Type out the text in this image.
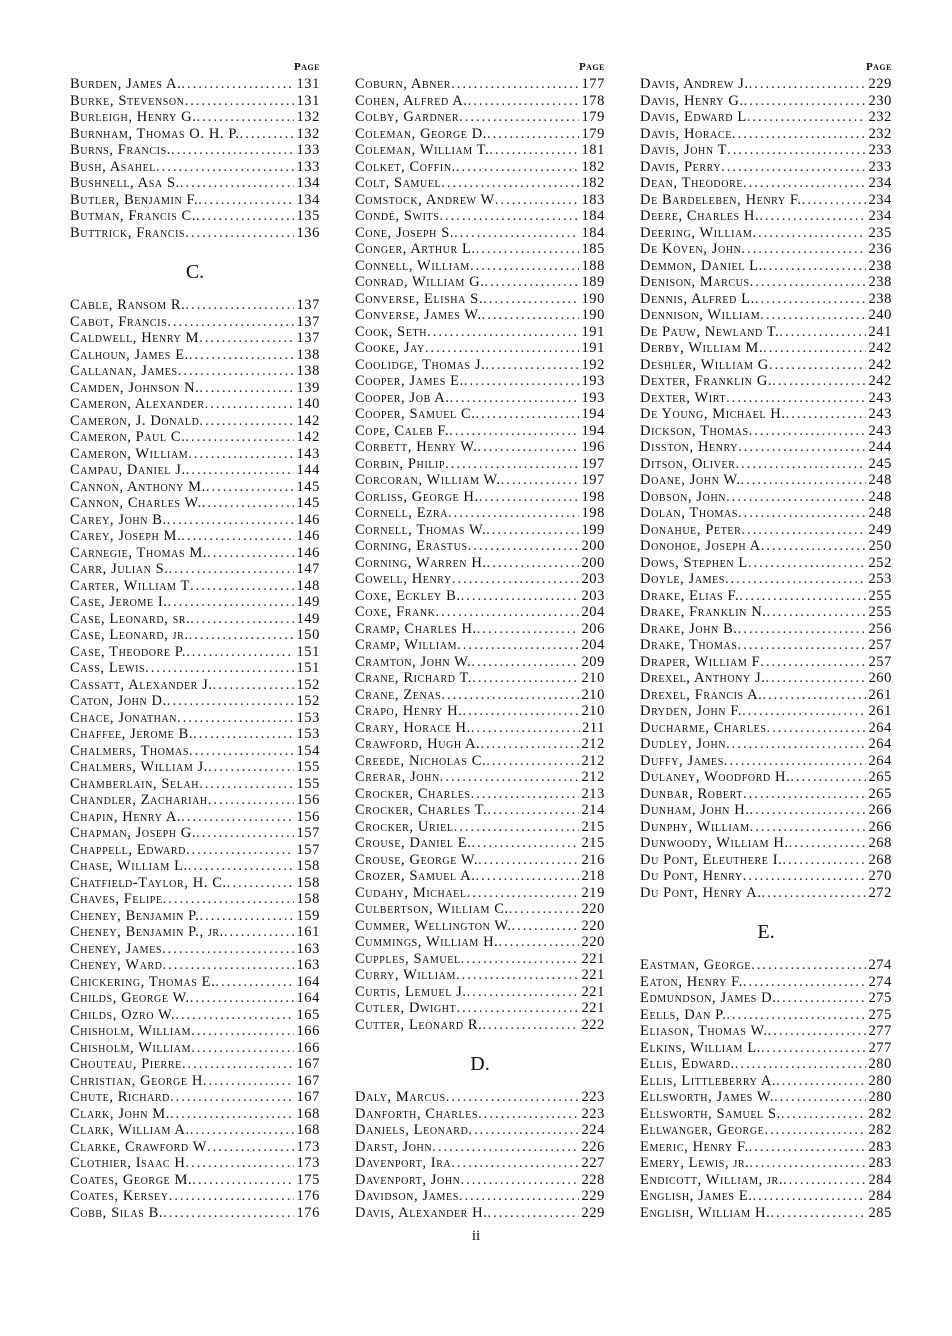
Page
Burden, James A. .....	131
Burke, Stevenson .....	131
Burleigh, Henry G. .....	132
Burnham, Thomas O. H. P. .....	132
Burns, Francis. .....	133
Bush, Asahel .....	133
Bushnell, Asa S. .....	134
Butler, Benjamin F. .....	134
Butman, Francis C. .....	135
Buttrick, Francis .....	136
C.
Cable, Ransom R. .....	137
Cabot, Francis .....	137
Caldwell, Henry M .....	137
Calhoun, James E. .....	138
Callanan, James .....	138
Camden, Johnson N. .....	139
Cameron, Alexander .....	140
Cameron, J. Donald .....	142
Cameron, Paul C. .....	142
Cameron, William .....	143
Campau, Daniel J. .....	144
Cannon, Anthony M. .....	145
Cannon, Charles W. .....	145
Carey, John B. .....	146
Carey, Joseph M. .....	146
Carnegie, Thomas M. .....	146
Carr, Julian S. .....	147
Carter, William T .....	148
Case, Jerome I. .....	149
Case, Leonard, sr. .....	149
Case, Leonard, jr. .....	150
Case, Theodore P. .....	151
Cass, Lewis .....	151
Cassatt, Alexander J. .....	152
Caton, John D. .....	152
Chace, Jonathan .....	153
Chaffee, Jerome B. .....	153
Chalmers, Thomas .....	154
Chalmers, William J. .....	155
Chamberlain, Selah .....	155
Chandler, Zachariah .....	156
Chapin, Henry A. .....	156
Chapman, Joseph G. .....	157
Chappell, Edward .....	157
Chase, William L. .....	158
Chatfield-Taylor, H. C. .....	158
Chaves, Felipe .....	158
Cheney, Benjamin P. .....	159
Cheney, Benjamin P., jr. .....	161
Cheney, James .....	163
Cheney, Ward .....	163
Chickering, Thomas E. .....	164
Childs, George W. .....	164
Childs, Ozro W. .....	165
Chisholm, William .....	166
Chisholm, William .....	166
Chouteau, Pierre .....	167
Christian, George H .....	167
Chute, Richard .....	167
Clark, John M. .....	168
Clark, William A. .....	168
Clarke, Crawford W .....	173
Clothier, Isaac H .....	173
Coates, George M. .....	175
Coates, Kersey .....	176
Cobb, Silas B. .....	176
Page
Coburn, Abner .....	177
Cohen, Alfred A. .....	178
Colby, Gardner .....	179
Coleman, George D. .....	179
Coleman, William T. .....	181
Colket, Coffin. .....	182
Colt, Samuel .....	182
Comstock, Andrew W .....	183
Condé, Swits .....	184
Cone, Joseph S. .....	184
Conger, Arthur L. .....	185
Connell, William .....	188
Conrad, William G. .....	189
Converse, Elisha S. .....	190
Converse, James W. .....	190
Cook, Seth .....	191
Cooke, Jay .....	191
Coolidge, Thomas J. .....	192
Cooper, James E. .....	193
Cooper, Job A. .....	193
Cooper, Samuel C. .....	194
Cope, Caleb F. .....	194
Corbett, Henry W. .....	196
Corbin, Philip .....	197
Corcoran, William W. .....	197
Corliss, George H. .....	198
Cornell, Ezra .....	198
Cornell, Thomas W. .....	199
Corning, Erastus .....	200
Corning, Warren H. .....	200
Cowell, Henry .....	203
Coxe, Eckley B. .....	203
Coxe, Frank .....	204
Cramp, Charles H. .....	206
Cramp, William .....	204
Cramton, John W. .....	209
Crane, Richard T. .....	210
Crane, Zenas .....	210
Crapo, Henry H. .....	210
Crary, Horace H. .....	211
Crawford, Hugh A. .....	212
Creede, Nicholas C. .....	212
Crerar, John .....	212
Crocker, Charles .....	213
Crocker, Charles T. .....	214
Crocker, Uriel .....	215
Crouse, Daniel E. .....	215
Crouse, George W. .....	216
Crozer, Samuel A. .....	218
Cudahy, Michael .....	219
Culbertson, William C. .....	220
Cummer, Wellington W. .....	220
Cummings, William H. .....	220
Cupples, Samuel .....	221
Curry, William .....	221
Curtis, Lemuel J. .....	221
Cutler, Dwight .....	221
Cutter, Leonard R. .....	222
D.
Daly, Marcus .....	223
Danforth, Charles .....	223
Daniels, Leonard .....	224
Darst, John .....	226
Davenport, Ira .....	227
Davenport, John .....	228
Davidson, James .....	229
Davis, Alexander H. .....	229
Page
Davis, Andrew J. .....	229
Davis, Henry G. .....	230
Davis, Edward L .....	232
Davis, Horace .....	232
Davis, John T .....	233
Davis, Perry .....	233
Dean, Theodore .....	234
De Bardeleben, Henry F. .....	234
Deere, Charles H. .....	234
Deering, William .....	235
De Koven, John .....	236
Demmon, Daniel L. .....	238
Denison, Marcus .....	238
Dennis, Alfred L. .....	238
Dennison, William .....	240
De Pauw, Newland T. .....	241
Derby, William M. .....	242
Deshler, William G .....	242
Dexter, Franklin G. .....	242
Dexter, Wirt .....	243
De Young, Michael H. .....	243
Dickson, Thomas .....	243
Disston, Henry .....	244
Ditson, Oliver .....	245
Doane, John W. .....	248
Dobson, John .....	248
Dolan, Thomas .....	248
Donahue, Peter .....	249
Donohoe, Joseph A .....	250
Dows, Stephen L .....	252
Doyle, James .....	253
Drake, Elias F. .....	255
Drake, Franklin N. .....	255
Drake, John B. .....	256
Drake, Thomas .....	257
Draper, William F .....	257
Drexel, Anthony J. .....	260
Drexel, Francis A. .....	261
Dryden, John F. .....	261
Ducharme, Charles .....	264
Dudley, John .....	264
Duffy, James .....	264
Dulaney, Woodford H. .....	265
Dunbar, Robert .....	265
Dunham, John H. .....	266
Dunphy, William .....	266
Dunwoody, William H. .....	268
Du Pont, Eleuthere I. .....	268
Du Pont, Henry .....	270
Du Pont, Henry A. .....	272
E.
Eastman, George .....	274
Eaton, Henry F. .....	274
Edmundson, James D. .....	275
Eells, Dan P. .....	275
Eliason, Thomas W. .....	277
Elkins, William L. .....	277
Ellis, Edward. .....	280
Ellis, Littleberry A. .....	280
Ellsworth, James W. .....	280
Ellsworth, Samuel S. .....	282
Ellwanger, George .....	282
Emeric, Henry F. .....	283
Emery, Lewis, jr. .....	283
Endicott, William, jr. .....	284
English, James E. .....	284
English, William H. .....	285
ii
